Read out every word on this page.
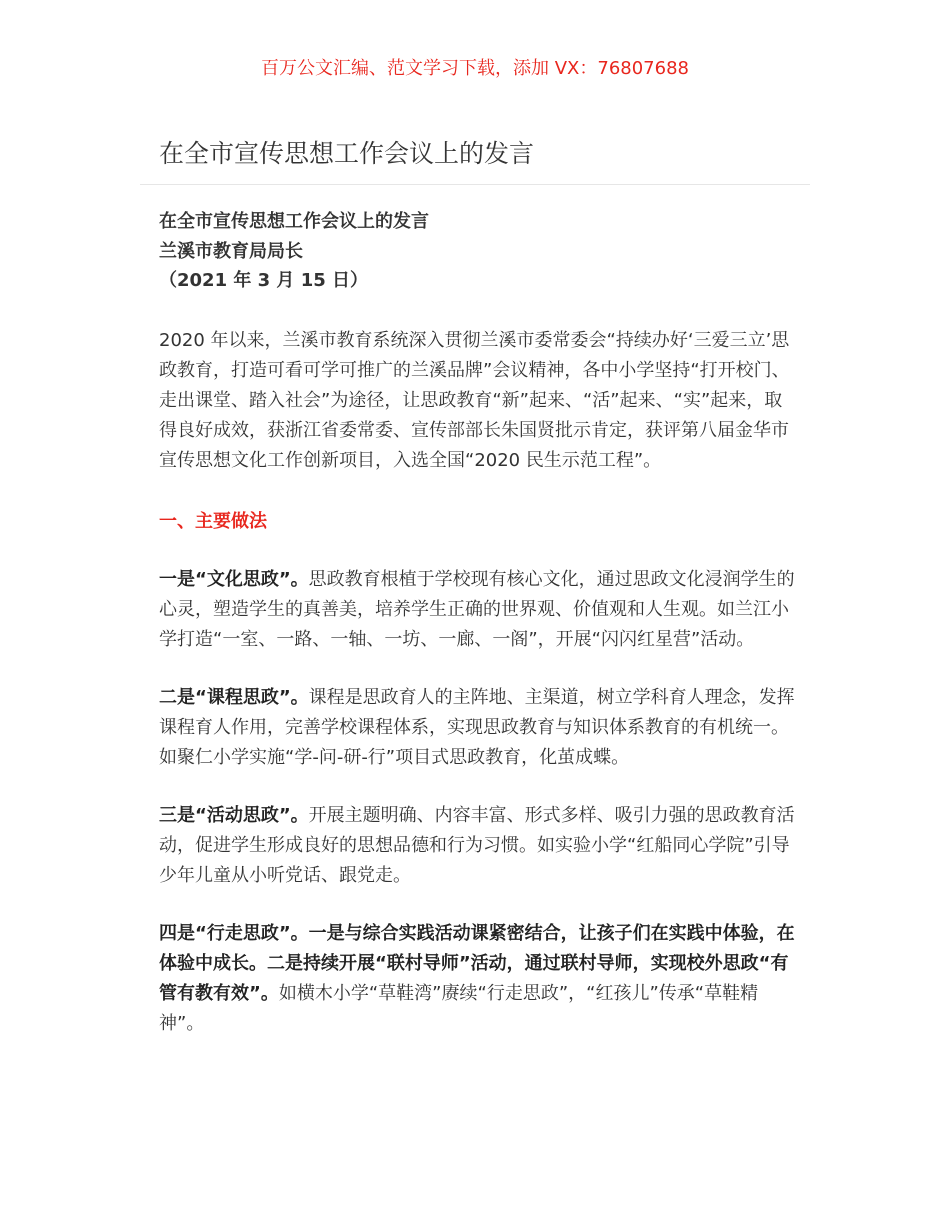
百万公文汇编、范文学习下载，添加 VX：76807688
在全市宣传思想工作会议上的发言
在全市宣传思想工作会议上的发言
兰溪市教育局局长
（2021 年 3 月 15 日）

2020 年以来，兰溪市教育系统深入贯彻兰溪市委常委会“持续办好‘三爱三立’思政教育，打造可看可学可推广的兰溪品牌”会议精神，各中小学坚持“打开校门、走出课堂、踏入社会”为途径，让思政教育“新”起来、“活”起来、“实”起来，取得良好成效，获浙江省委常委、宣传部部长朱国贤批示肯定，获评第八届金华市宣传思想文化工作创新项目，入选全国“2020 民生示范工程”。

一、主要做法

一是“文化思政”。思政教育根植于学校现有核心文化，通过思政文化浸润学生的心灵，塑造学生的真善美，培养学生正确的世界观、价值观和人生观。如兰江小学打造“一室、一路、一轴、一坊、一廊、一阁”，开展“闪闪红星营”活动。

二是“课程思政”。课程是思政育人的主阵地、主渠道，树立学科育人理念，发挥课程育人作用，完善学校课程体系，实现思政教育与知识体系教育的有机统一。如聚仁小学实施“学-问-研-行”项目式思政教育，化茧成蝶。

三是“活动思政”。开展主题明确、内容丰富、形式多样、吸引力强的思政教育活动，促进学生形成良好的思想品德和行为习惯。如实验小学“红船同心学院”引导少年儿童从小听党话、跟党走。

四是“行走思政”。一是与综合实践活动课紧密结合，让孩子们在实践中体验，在体验中成长。二是持续开展“联村导师”活动，通过联村导师，实现校外思政“有管有教有效”。如横木小学“草鞋湾”赓续“行走思政”，“红孩儿”传承“草鞋精神”。
